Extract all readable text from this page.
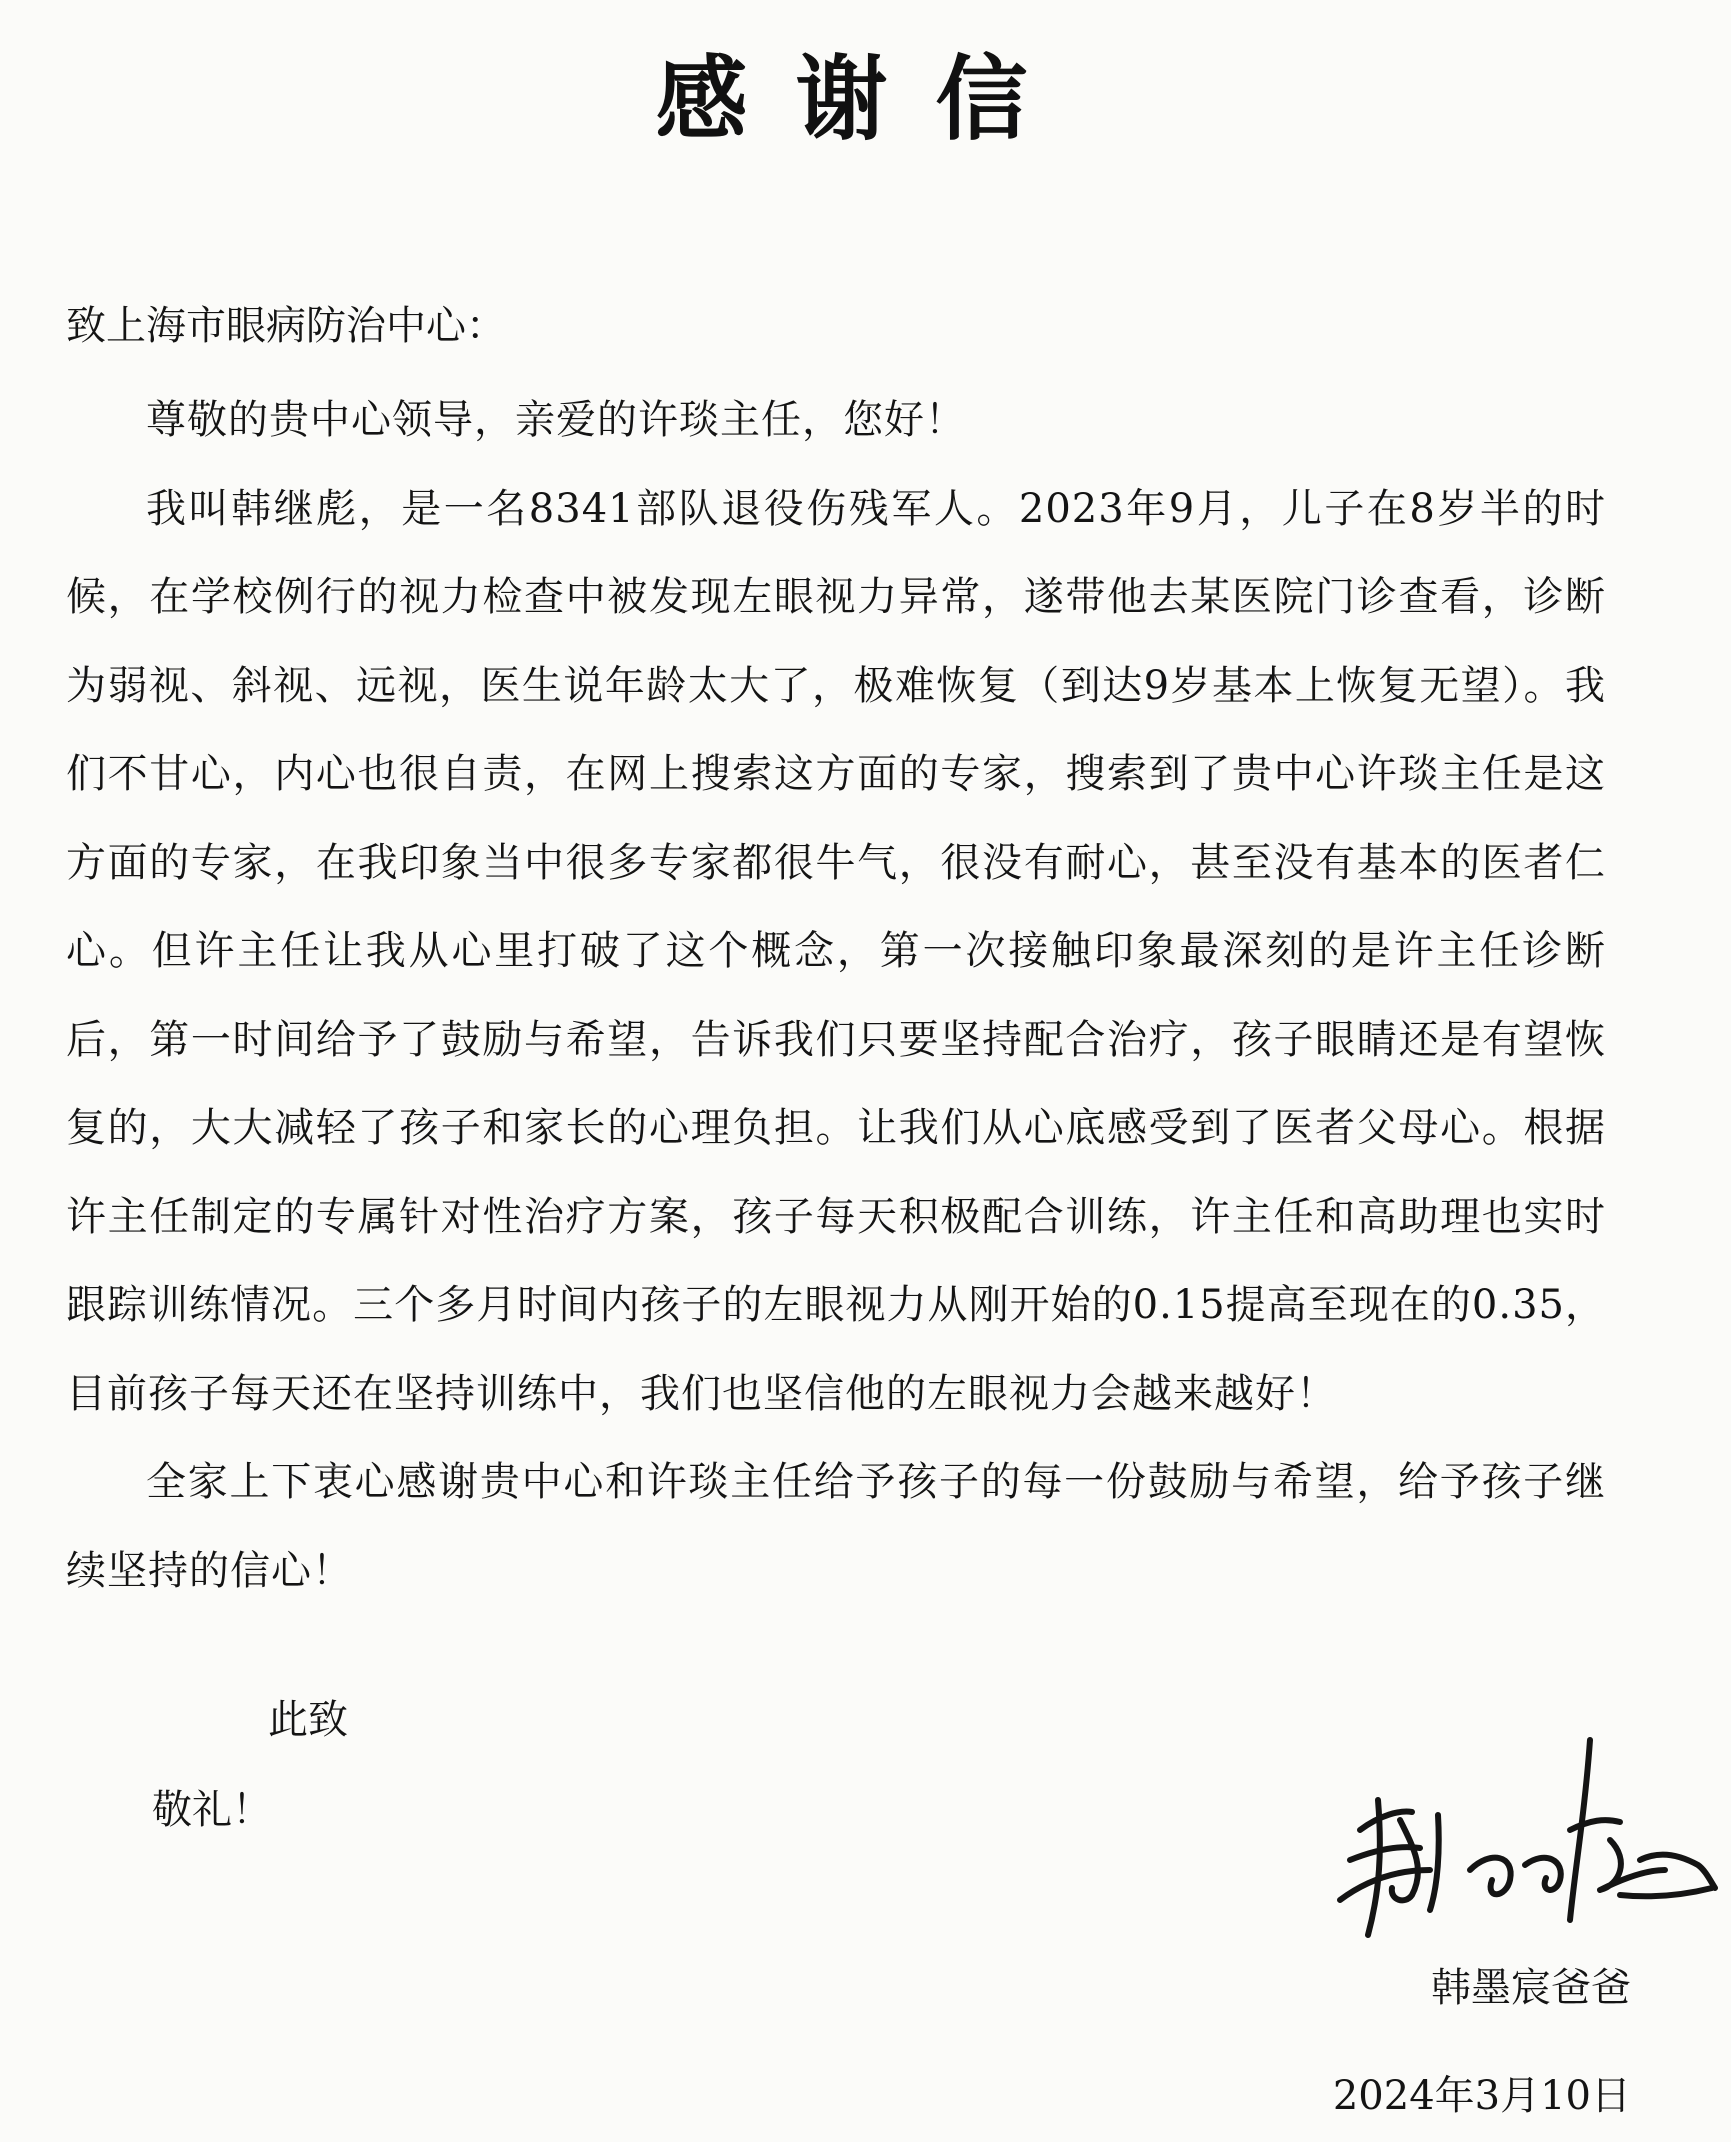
感谢信
致上海市眼病防治中心：

尊敬的贵中心领导，亲爱的许琰主任，您好！

我叫韩继彪，是一名8341部队退役伤残军人。2023年9月，儿子在8岁半的时候，在学校例行的视力检查中被发现左眼视力异常，遂带他去某医院门诊查看，诊断为弱视、斜视、远视，医生说年龄太大了，极难恢复（到达9岁基本上恢复无望）。我们不甘心，内心也很自责，在网上搜索这方面的专家，搜索到了贵中心许琰主任是这方面的专家，在我印象当中很多专家都很牛气，很没有耐心，甚至没有基本的医者仁心。但许主任让我从心里打破了这个概念，第一次接触印象最深刻的是许主任诊断后，第一时间给予了鼓励与希望，告诉我们只要坚持配合治疗，孩子眼睛还是有望恢复的，大大减轻了孩子和家长的心理负担。让我们从心底感受到了医者父母心。根据许主任制定的专属针对性治疗方案，孩子每天积极配合训练，许主任和高助理也实时跟踪训练情况。三个多月时间内孩子的左眼视力从刚开始的0.15提高至现在的0.35，目前孩子每天还在坚持训练中，我们也坚信他的左眼视力会越来越好！

全家上下衷心感谢贵中心和许琰主任给予孩子的每一份鼓励与希望，给予孩子继续坚持的信心！

此致
敬礼！
韩墨宸爸爸
2024年3月10日
